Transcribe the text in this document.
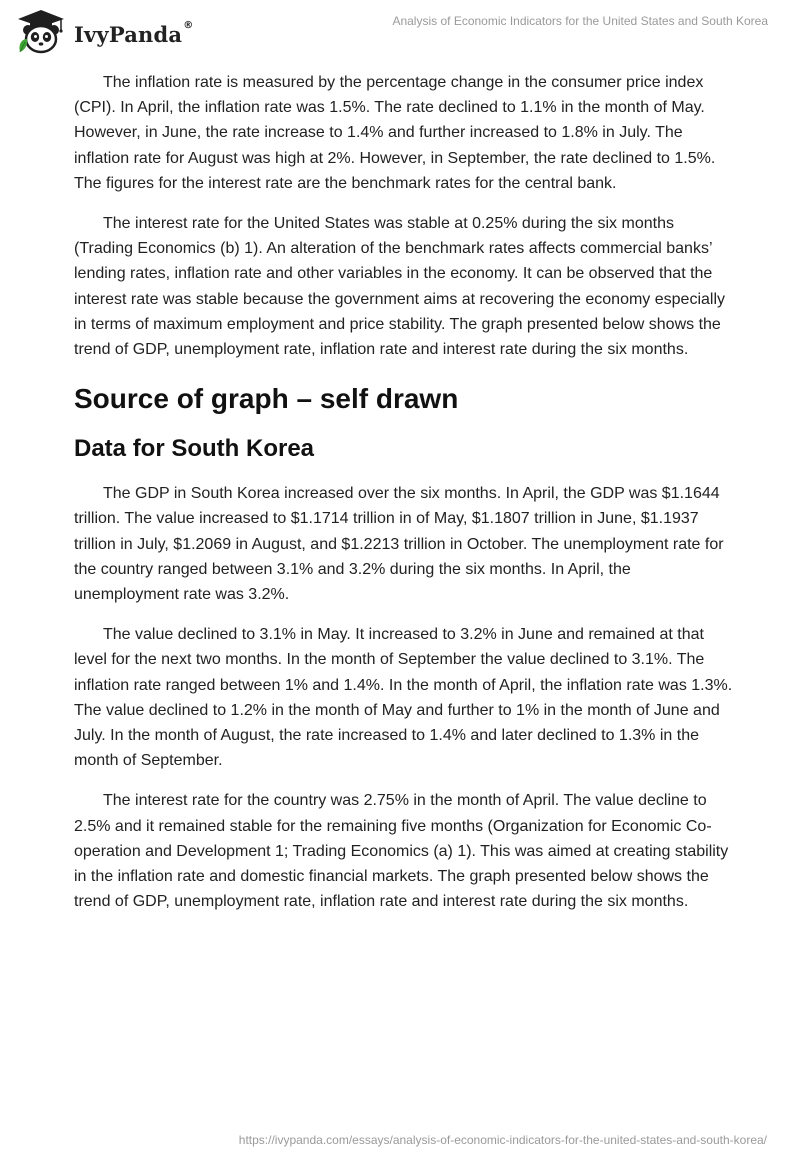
IvyPanda®	Analysis of Economic Indicators for the United States and South Korea

The inflation rate is measured by the percentage change in the consumer price index (CPI). In April, the inflation rate was 1.5%. The rate declined to 1.1% in the month of May. However, in June, the rate increase to 1.4% and further increased to 1.8% in July. The inflation rate for August was high at 2%. However, in September, the rate declined to 1.5%. The figures for the interest rate are the benchmark rates for the central bank.

The interest rate for the United States was stable at 0.25% during the six months (Trading Economics (b) 1). An alteration of the benchmark rates affects commercial banks’ lending rates, inflation rate and other variables in the economy. It can be observed that the interest rate was stable because the government aims at recovering the economy especially in terms of maximum employment and price stability. The graph presented below shows the trend of GDP, unemployment rate, inflation rate and interest rate during the six months.

Source of graph – self drawn
Data for South Korea

The GDP in South Korea increased over the six months. In April, the GDP was $1.1644 trillion. The value increased to $1.1714 trillion in of May, $1.1807 trillion in June, $1.1937 trillion in July, $1.2069 in August, and $1.2213 trillion in October. The unemployment rate for the country ranged between 3.1% and 3.2% during the six months. In April, the unemployment rate was 3.2%.

The value declined to 3.1% in May. It increased to 3.2% in June and remained at that level for the next two months. In the month of September the value declined to 3.1%. The inflation rate ranged between 1% and 1.4%. In the month of April, the inflation rate was 1.3%. The value declined to 1.2% in the month of May and further to 1% in the month of June and July. In the month of August, the rate increased to 1.4% and later declined to 1.3% in the month of September.

The interest rate for the country was 2.75% in the month of April. The value decline to 2.5% and it remained stable for the remaining five months (Organization for Economic Co-operation and Development 1; Trading Economics (a) 1). This was aimed at creating stability in the inflation rate and domestic financial markets. The graph presented below shows the trend of GDP, unemployment rate, inflation rate and interest rate during the six months.

https://ivypanda.com/essays/analysis-of-economic-indicators-for-the-united-states-and-south-korea/
